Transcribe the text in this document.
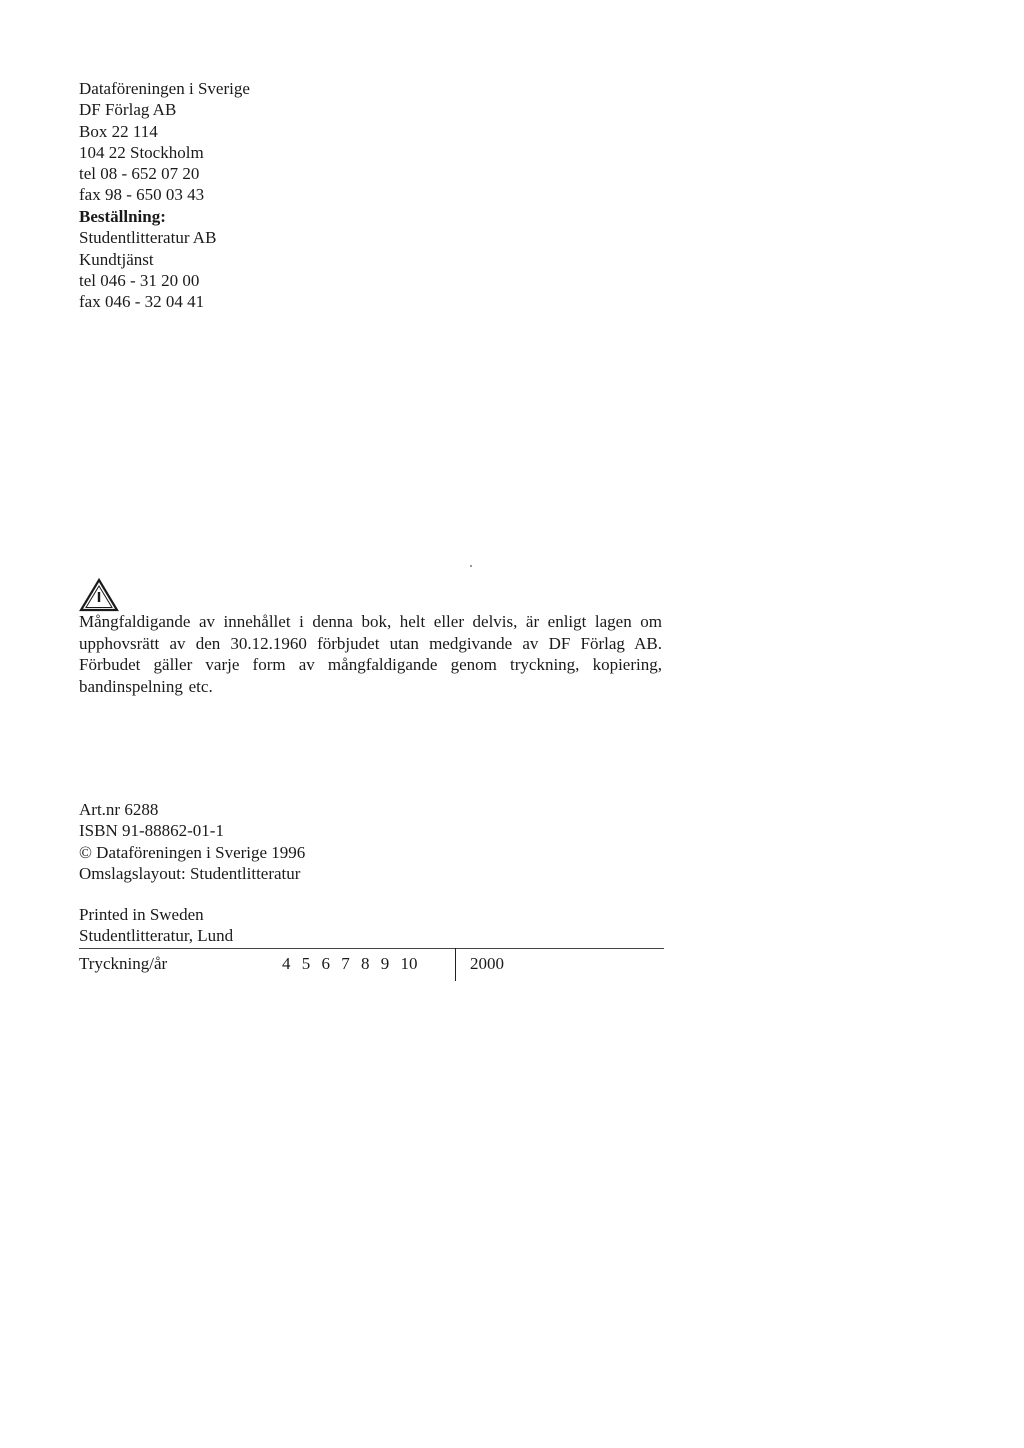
Dataföreningen i Sverige
DF Förlag AB
Box 22 114
104 22 Stockholm
tel 08 - 652 07 20
fax 98 - 650 03 43
Beställning:
Studentlitteratur AB
Kundtjänst
tel 046 - 31 20 00
fax 046 - 32 04 41
Mångfaldigande av innehållet i denna bok, helt eller delvis, är enligt lagen om upphovsrätt av den 30.12.1960 förbjudet utan medgivande av DF Förlag AB. Förbudet gäller varje form av mångfaldigande genom tryckning, kopiering, bandinspelning etc.
Art.nr 6288
ISBN 91-88862-01-1
© Dataföreningen i Sverige 1996
Omslagslayout: Studentlitteratur
Printed in Sweden
Studentlitteratur, Lund
Tryckning/år	4 5 6 7 8 9 10	2000
